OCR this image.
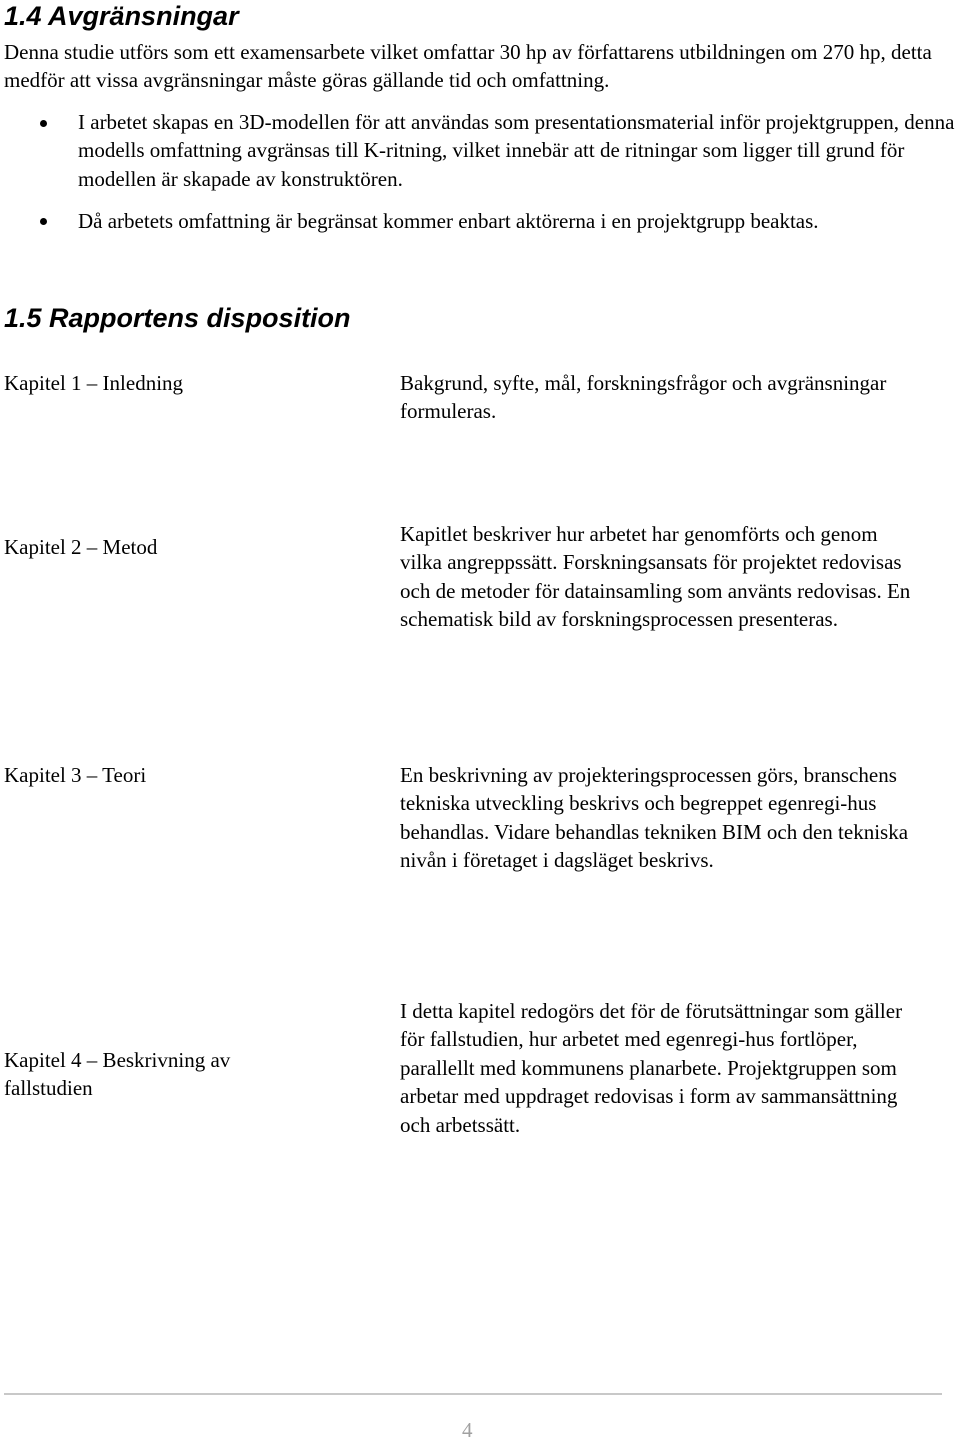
1.4 Avgränsningar

Denna studie utförs som ett examensarbete vilket omfattar 30 hp av författarens utbildningen om 270 hp, detta medför att vissa avgränsningar måste göras gällande tid och omfattning.

I arbetet skapas en 3D-modellen för att användas som presentationsmaterial inför projektgruppen, denna modells omfattning avgränsas till K-ritning, vilket innebär att de ritningar som ligger till grund för modellen är skapade av konstruktören.

Då arbetets omfattning är begränsat kommer enbart aktörerna i en projektgrupp beaktas.

1.5 Rapportens disposition
Kapitel 1 – Inledning	Bakgrund, syfte, mål, forskningsfrågor och avgränsningar formuleras.
Kapitel 2 – Metod
Kapitlet beskriver hur arbetet har genomförts och genom vilka angreppssätt. Forskningsansats för projektet redovisas och de metoder för datainsamling som använts redovisas. En schematisk bild av forskningsprocessen presenteras.
Kapitel 3 – Teori	En beskrivning av projekteringsprocessen görs, branschens tekniska utveckling beskrivs och begreppet egenregi-hus behandlas. Vidare behandlas tekniken BIM och den tekniska nivån i företaget i dagsläget beskrivs.
Kapitel 4 – Beskrivning av fallstudien
I detta kapitel redogörs det för de förutsättningar som gäller för fallstudien, hur arbetet med egenregi-hus fortlöper, parallellt med kommunens planarbete. Projektgruppen som arbetar med uppdraget redovisas i form av sammansättning och arbetssätt.
4
